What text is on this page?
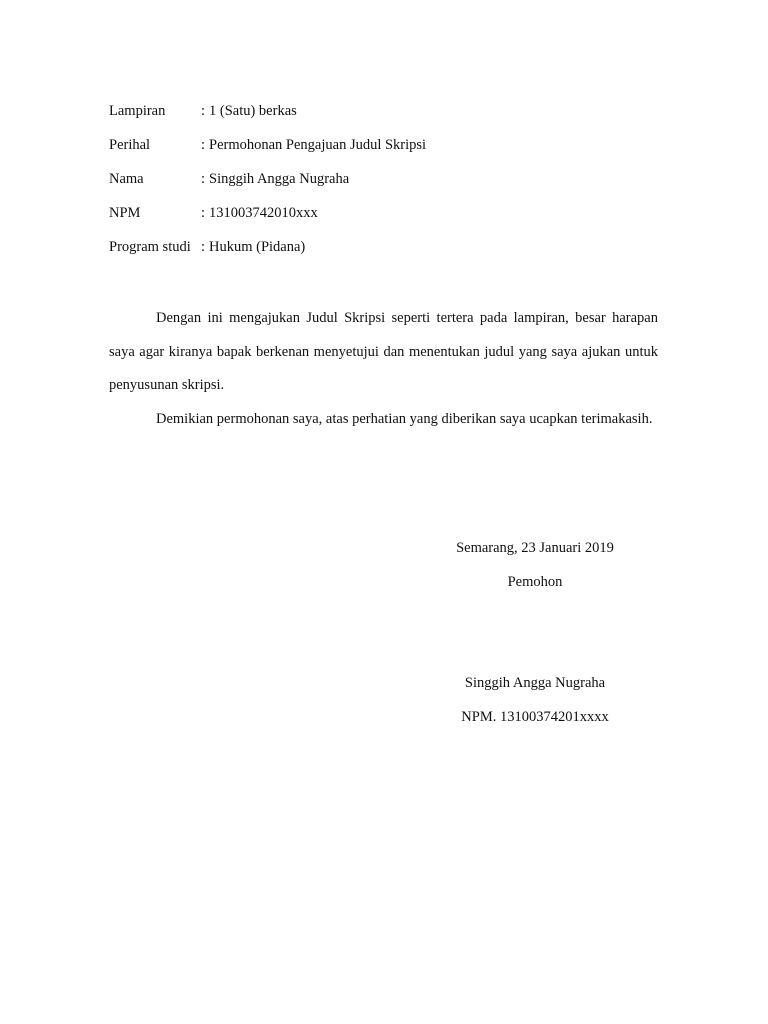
Lampiran : 1 (Satu) berkas
Perihal	: Permohonan Pengajuan Judul Skripsi
Nama	: Singgih Angga Nugraha
NPM	: 131003742010xxx
Program studi : Hukum (Pidana)

Dengan ini mengajukan Judul Skripsi seperti tertera pada lampiran, besar harapan saya agar kiranya bapak berkenan menyetujui dan menentukan judul yang saya ajukan untuk penyusunan skripsi.

Demikian permohonan saya, atas perhatian yang diberikan saya ucapkan terimakasih.

Semarang, 23 Januari 2019
Pemohon
Singgih Angga Nugraha
NPM. 13100374201xxxx
